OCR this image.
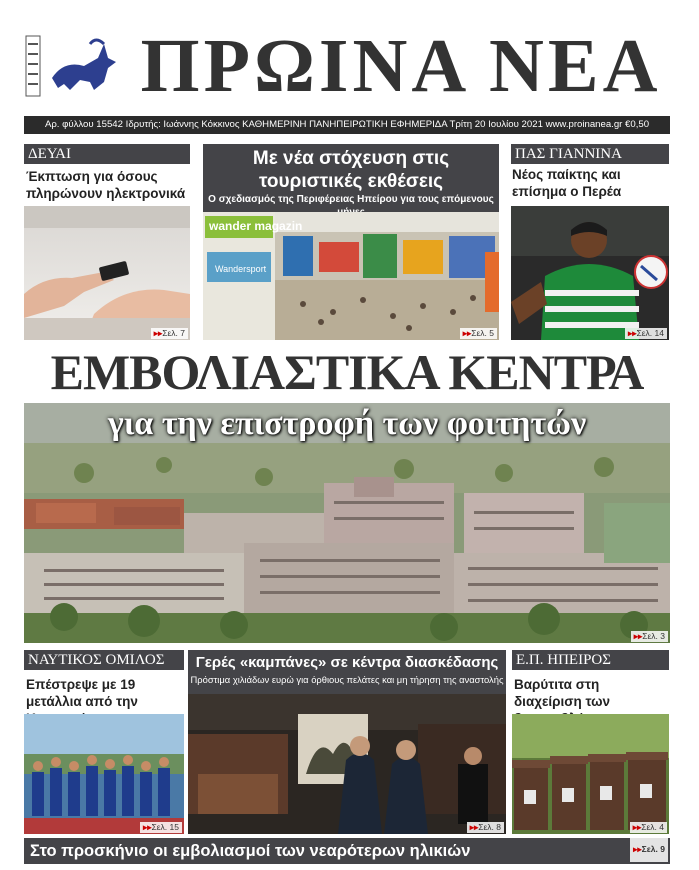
ΠΡΩΙΝΑ ΝΕΑ
Αρ. φύλλου 15542 Ιδρυτής: Ιωάννης Κόκκινος ΚΑΘΗΜΕΡΙΝΗ ΠΑΝΗΠΕΙΡΩΤΙΚΗ ΕΦΗΜΕΡΙΔΑ Τρίτη 20 Ιουλίου 2021 www.proinanea.gr €0,50
ΔΕΥΑΙ
Έκπτωση για όσους πληρώνουν ηλεκτρονικά
▸▸Σελ. 7
Με νέα στόχευση στις τουριστικές εκθέσεις
Ο σχεδιασμός της Περιφέρειας Ηπείρου για τους επόμενους
wander magazin
Wandersport
▸▸Σελ. 5
ΠΑΣ ΓΙΑΝΝΙΝΑ
Νέος παίκτης και επίσημα ο Περέα
▸▸Σελ. 14
ΕΜΒΟΛΙΑΣΤΙΚΑ ΚΕΝΤΡΑ
για την επιστροφή των φοιτητών
▸▸Σελ. 3
ΝΑΥΤΙΚΟΣ ΟΜΙΛΟΣ
Επέστρεψε με 19 μετάλλια από την
▸▸Σελ. 15
Γερές «καμπάνες» σε κέντρα διασκέδασης
Πρόστιμα χιλιάδων ευρώ για όρθιους πελάτες και μη τήρηση της αναστολής
▸▸Σελ. 8
Ε.Π. ΗΠΕΙΡΟΣ
Βαρύτιτα στη διαχείριση των
▸▸Σελ. 4
Στο προσκήνιο οι εμβολιασμοί των νεαρότερων ηλικιών	▸▸Σελ. 9
